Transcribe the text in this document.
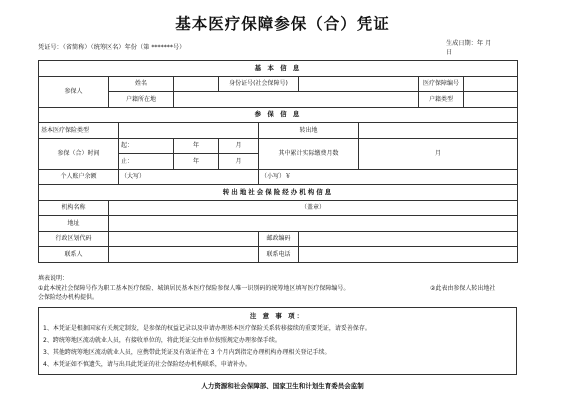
基本医疗保障参保（合）凭证
凭证号：（省简称）（统筹区名）年份（第 *******号）
生成日期：年 月
日
基 本 信 息									
参保人	姓名			身份证号(社会保障号)				医疗保障编号	
	户籍所在地							户籍类型	
参 保 信 息									
基本医疗保险类型					转出地				
参保（合）时间		起：	年	月	其中累计实际缴费月数		月		
		止：	年	月					
个人账户余额		（大写）			（小写）￥				
转出地社会保险经办机构信息									
机构名称	（盖章）								
地址									
行政区划代码					邮政编码				
联系人					联系电话				
填表说明：
①此本统社会保障号作为职工基本医疗保险、城镇居民基本医疗保险参保人唯一识别码的统筹地区填写医疗保障编号。	②此表由参保人转出地社
会保险经办机构提供。
注 意 事 项：
1、本凭证是根据国家有关规定制发，是参保的权益记录以及申请办理基本医疗保险关系转移接续的重要凭证，请妥善保存。
2、跨统筹地区流动就业人员，有接收单位的，将此凭证交由单位按照规定办理参保手续。
3、其他跨统筹地区流动就业人员，应携带此凭证及有效证件在 3 个月内到指定办理机构办理相关登记手续。
4、本凭证如不慎遗失，请与出具此凭证的社会保险经办机构联系，申请补办。
人力资源和社会保障部、国家卫生和计划生育委员会监制
